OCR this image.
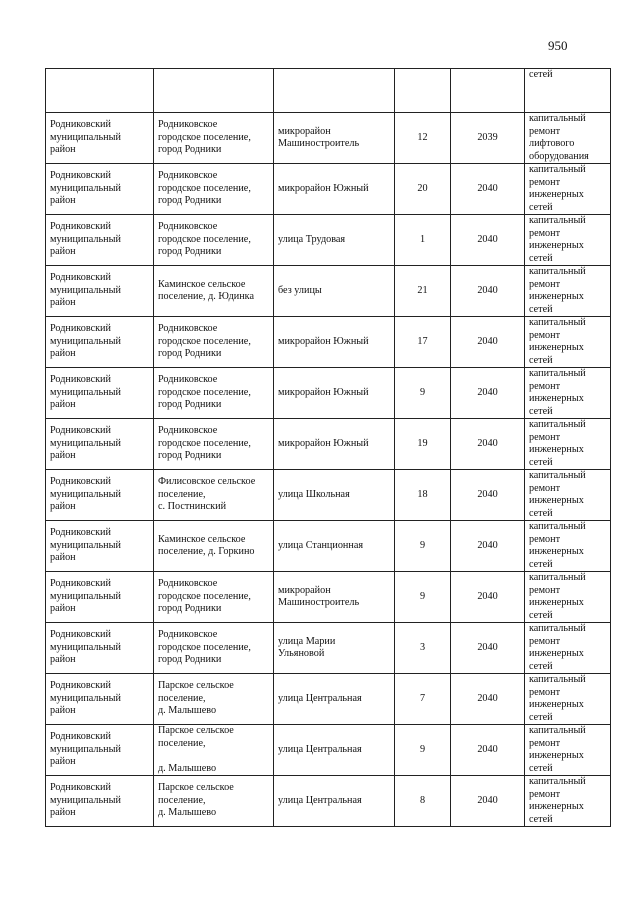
950
					сетей
Родниковский
муниципальный
район	Родниковское
городское поселение,
город Родники	микрорайон
Машиностроитель	12	2039	капитальный
ремонт
лифтового
оборудования
Родниковский
муниципальный
район	Родниковское
городское поселение,
город Родники	микрорайон Южный	20	2040	капитальный
ремонт
инженерных
сетей
Родниковский
муниципальный
район	Родниковское
городское поселение,
город Родники	улица Трудовая	1	2040	капитальный
ремонт
инженерных
сетей
Родниковский
муниципальный
район	Каминское сельское
поселение, д. Юдинка	без улицы	21	2040	капитальный
ремонт
инженерных
сетей
Родниковский
муниципальный
район	Родниковское
городское поселение,
город Родники	микрорайон Южный	17	2040	капитальный
ремонт
инженерных
сетей
Родниковский
муниципальный
район	Родниковское
городское поселение,
город Родники	микрорайон Южный	9	2040	капитальный
ремонт
инженерных
сетей
Родниковский
муниципальный
район	Родниковское
городское поселение,
город Родники	микрорайон Южный	19	2040	капитальный
ремонт
инженерных
сетей
Родниковский
муниципальный
район	Филисовское сельское
поселение,
с. Постнинский	улица Школьная	18	2040	капитальный
ремонт
инженерных
сетей
Родниковский
муниципальный
район	Каминское сельское
поселение, д. Горкино	улица Станционная	9	2040	капитальный
ремонт
инженерных
сетей
Родниковский
муниципальный
район	Родниковское
городское поселение,
город Родники	микрорайон
Машиностроитель	9	2040	капитальный
ремонт
инженерных
сетей
Родниковский
муниципальный
район	Родниковское
городское поселение,
город Родники	улица Марии
Ульяновой	3	2040	капитальный
ремонт
инженерных
сетей
Родниковский
муниципальный
район	Парское сельское
поселение,
д. Малышево	улица Центральная	7	2040	капитальный
ремонт
инженерных
сетей
Родниковский
муниципальный
район	Парское сельское
поселение,

д. Малышево	улица Центральная	9	2040	капитальный
ремонт
инженерных
сетей
Родниковский
муниципальный
район	Парское сельское
поселение,
д. Малышево	улица Центральная	8	2040	капитальный
ремонт
инженерных
сетей
